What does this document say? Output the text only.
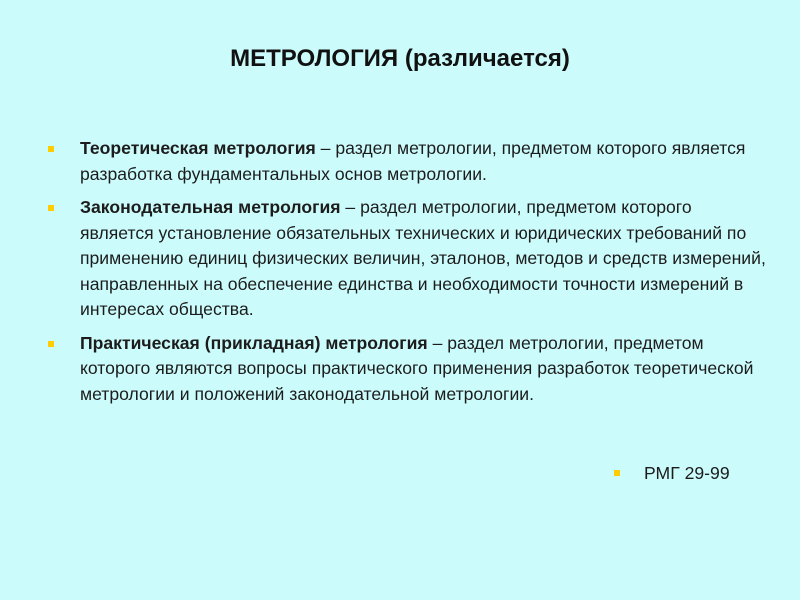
МЕТРОЛОГИЯ (различается)
Теоретическая метрология – раздел метрологии, предметом которого является разработка фундаментальных основ метрологии.
Законодательная метрология – раздел метрологии, предметом которого является установление обязательных технических и юридических требований по применению единиц физических величин, эталонов, методов и средств измерений, направленных на обеспечение единства и необходимости точности измерений в интересах общества.
Практическая (прикладная) метрология – раздел метрологии, предметом которого являются вопросы практического применения разработок теоретической метрологии и положений законодательной метрологии.
РМГ 29-99
